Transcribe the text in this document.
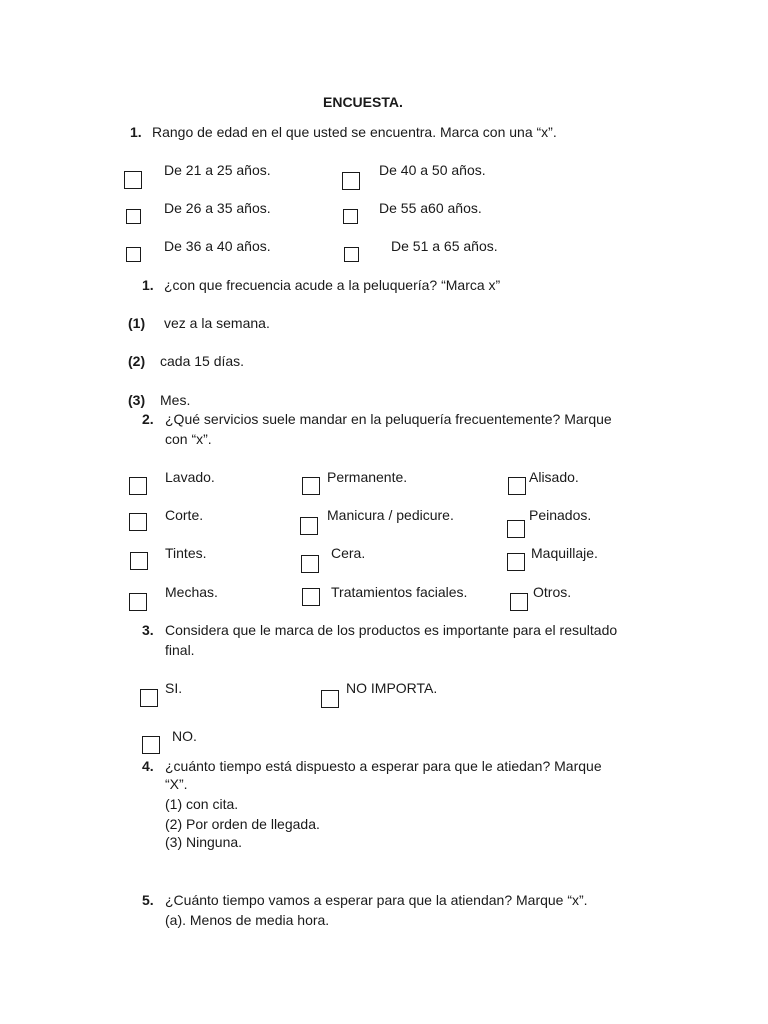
ENCUESTA.
1. Rango de edad en el que usted se encuentra. Marca con una “x”.
De 21 a 25 años.	De 40 a 50 años.
De 26 a 35 años.	De 55 a60 años.
De 36 a 40 años.	De 51 a 65 años.
1. ¿con que frecuencia acude a la peluquería? “Marca x”
(1) vez a la semana.
(2) cada 15 días.
(3) Mes.
2. ¿Qué servicios suele mandar en la peluquería frecuentemente? Marque
con “x”.
Lavado.	Permanente.	Alisado.
Corte.	Manicura / pedicure.	Peinados.
Tintes.	Cera.	Maquillaje.
Mechas.	Tratamientos faciales.	Otros.
3. Considera que le marca de los productos es importante para el resultado
final.
SI.	NO IMPORTA.
NO.
4. ¿cuánto tiempo está dispuesto a esperar para que le atiedan? Marque
“X”.
(1) con cita.
(2) Por orden de llegada.
(3) Ninguna.
5. ¿Cuánto tiempo vamos a esperar para que la atiendan? Marque “x”.
(a). Menos de media hora.
